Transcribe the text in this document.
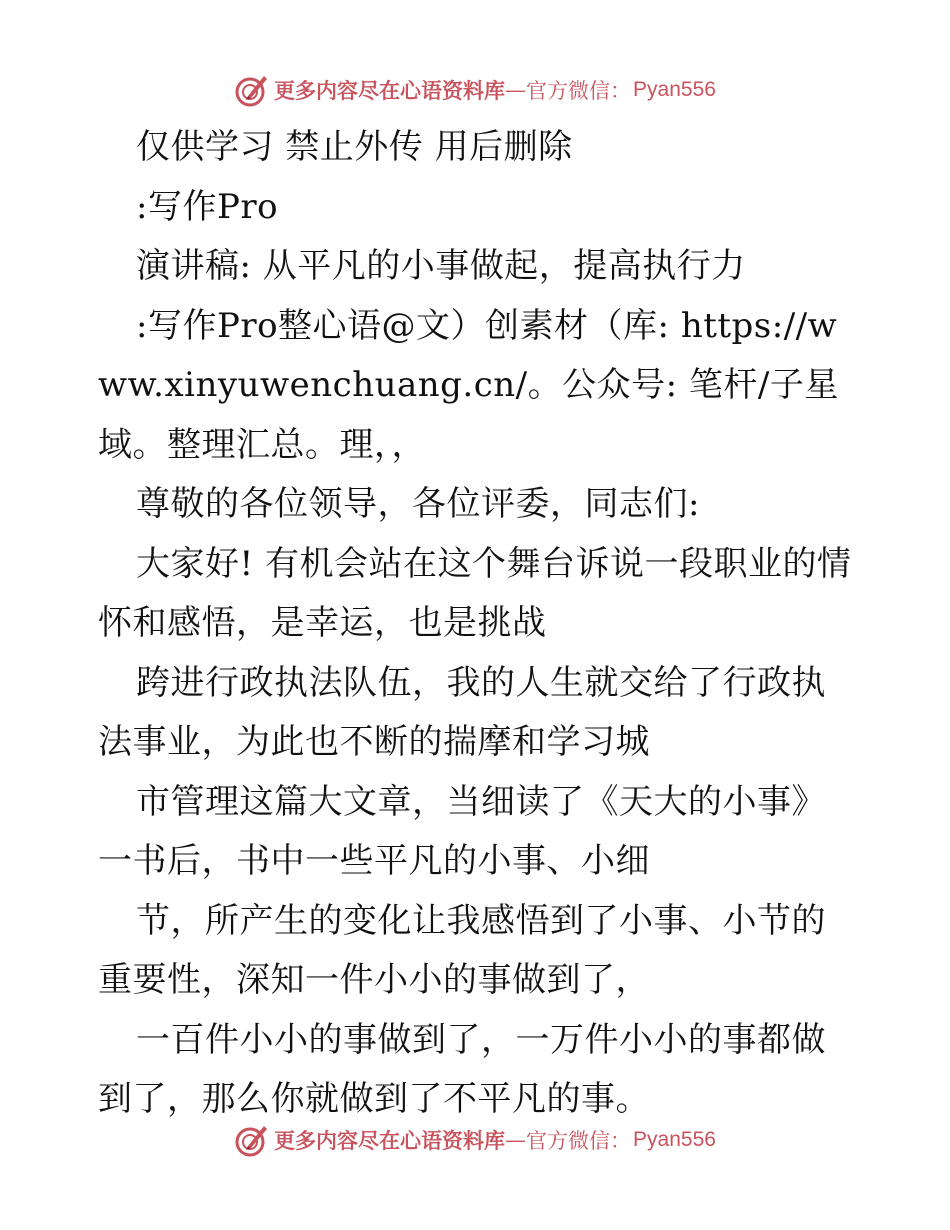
更多内容尽在心语资料库 — 官方微信： Pyan556

仅供学习 禁止外传 用后删除

:写作Pro

演讲稿: 从平凡的小事做起，提高执行力

:写作Pro整心语@文）创素材（库: https://www.xinyuwenchuang.cn/。公众号: 笔杆/子星域。整理汇总。理，，

尊敬的各位领导，各位评委，同志们:

大家好! 有机会站在这个舞台诉说一段职业的情怀和感悟，是幸运，也是挑战

跨进行政执法队伍，我的人生就交给了行政执法事业，为此也不断的揣摩和学习城

市管理这篇大文章，当细读了《天大的小事》一书后，书中一些平凡的小事、小细

节，所产生的变化让我感悟到了小事、小节的重要性，深知一件小小的事做到了，

一百件小小的事做到了，一万件小小的事都做到了，那么你就做到了不平凡的事。

更多内容尽在心语资料库 — 官方微信： Pyan556
